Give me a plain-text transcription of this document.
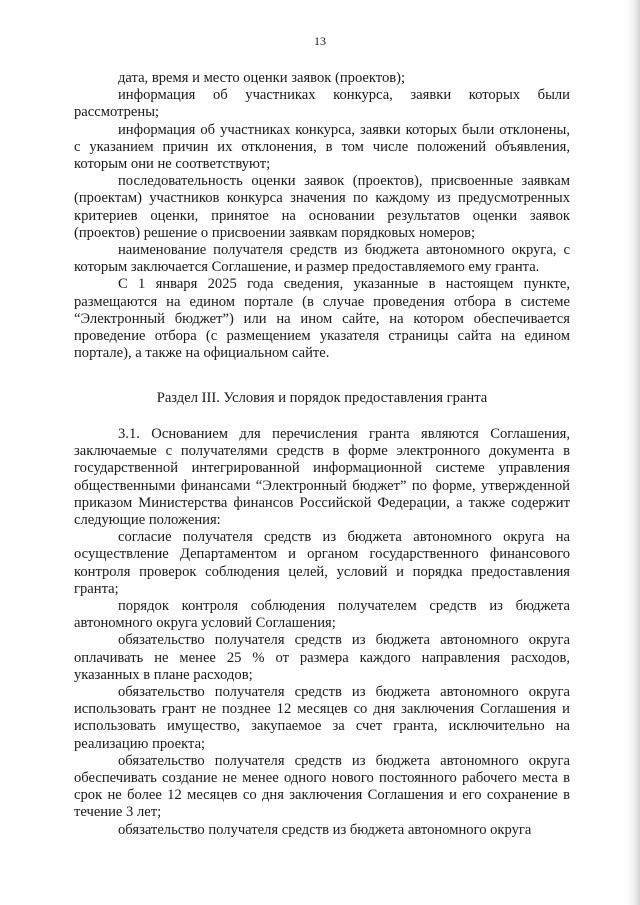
13

дата, время и место оценки заявок (проектов);

информация об участниках конкурса, заявки которых были рассмотрены;

информация об участниках конкурса, заявки которых были отклонены, с указанием причин их отклонения, в том числе положений объявления, которым они не соответствуют;

последовательность оценки заявок (проектов), присвоенные заявкам (проектам) участников конкурса значения по каждому из предусмотренных критериев оценки, принятое на основании результатов оценки заявок (проектов) решение о присвоении заявкам порядковых номеров;

наименование получателя средств из бюджета автономного округа, с которым заключается Соглашение, и размер предоставляемого ему гранта.

С 1 января 2025 года сведения, указанные в настоящем пункте, размещаются на едином портале (в случае проведения отбора в системе “Электронный бюджет”) или на ином сайте, на котором обеспечивается проведение отбора (с размещением указателя страницы сайта на едином портале), а также на официальном сайте.

Раздел III. Условия и порядок предоставления гранта

3.1. Основанием для перечисления гранта являются Соглашения, заключаемые с получателями средств в форме электронного документа в государственной интегрированной информационной системе управления общественными финансами “Электронный бюджет” по форме, утвержденной приказом Министерства финансов Российской Федерации, а также содержит следующие положения:

согласие получателя средств из бюджета автономного округа на осуществление Департаментом и органом государственного финансового контроля проверок соблюдения целей, условий и порядка предоставления гранта;

порядок контроля соблюдения получателем средств из бюджета автономного округа условий Соглашения;

обязательство получателя средств из бюджета автономного округа оплачивать не менее 25 % от размера каждого направления расходов, указанных в плане расходов;

обязательство получателя средств из бюджета автономного округа использовать грант не позднее 12 месяцев со дня заключения Соглашения и использовать имущество, закупаемое за счет гранта, исключительно на реализацию проекта;

обязательство получателя средств из бюджета автономного округа обеспечивать создание не менее одного нового постоянного рабочего места в срок не более 12 месяцев со дня заключения Соглашения и его сохранение в течение 3 лет;

обязательство получателя средств из бюджета автономного округа
